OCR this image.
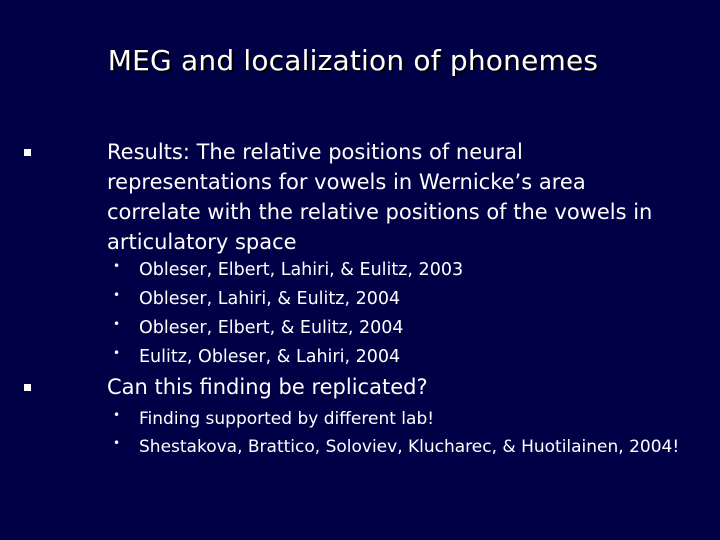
MEG and localization of phonemes
Results: The relative positions of neural representations for vowels in Wernicke’s area correlate with the relative positions of the vowels in articulatory space
•	Obleser, Elbert, Lahiri, & Eulitz, 2003
•	Obleser, Lahiri, & Eulitz, 2004
•	Obleser, Elbert, & Eulitz, 2004
•	Eulitz, Obleser, & Lahiri, 2004
Can this finding be replicated?
•	Finding supported by different lab!
•	Shestakova, Brattico, Soloviev, Klucharec, & Huotilainen, 2004!
